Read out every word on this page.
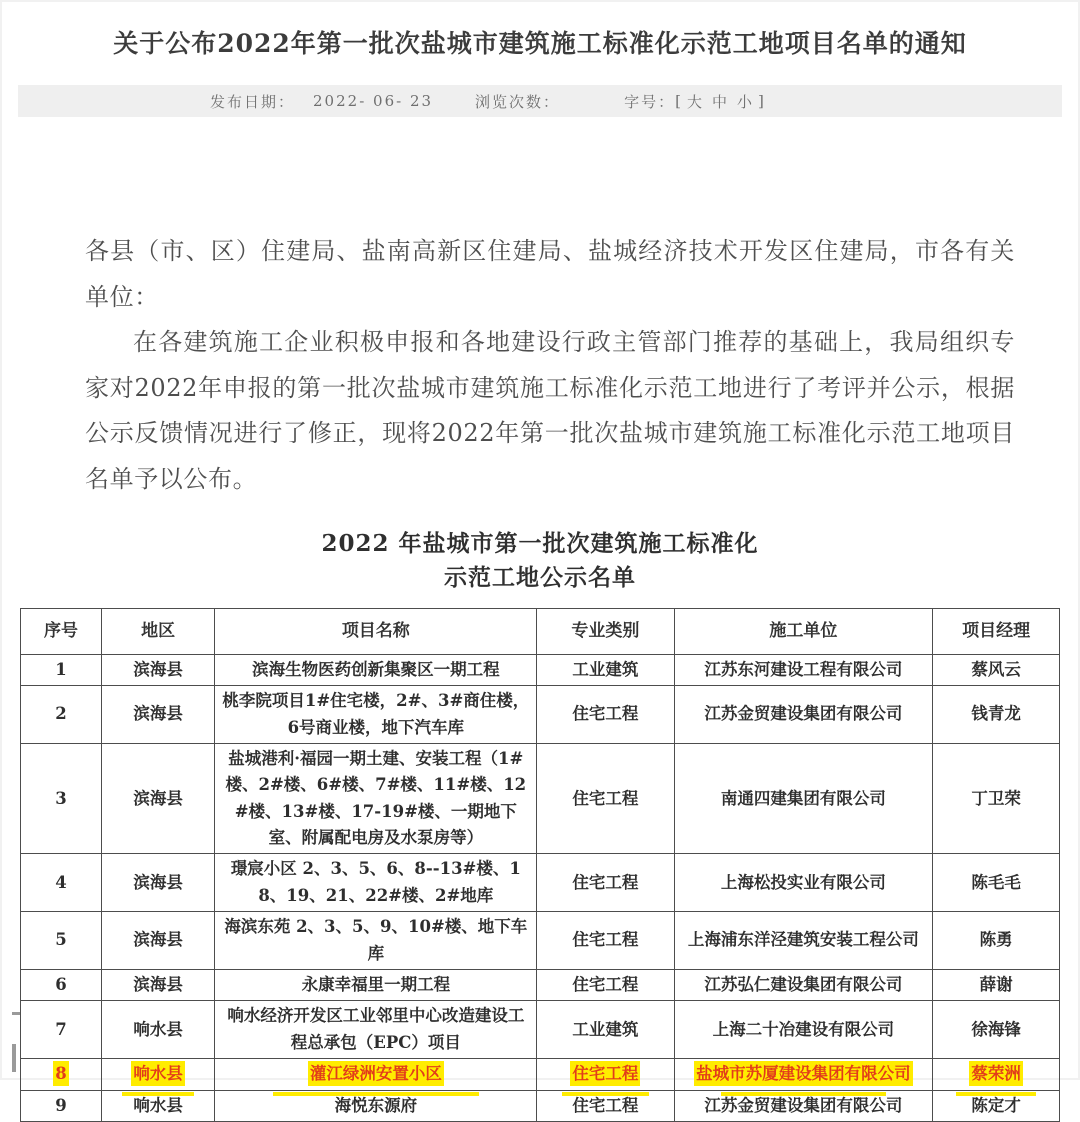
关于公布2022年第一批次盐城市建筑施工标准化示范工地项目名单的通知
发布日期： 2022- 06- 23	浏览次数：	字号： [ 大 中 小 ]

各县（市、区）住建局、盐南高新区住建局、盐城经济技术开发区住建局，市各有关单位：

在各建筑施工企业积极申报和各地建设行政主管部门推荐的基础上，我局组织专家对2022年申报的第一批次盐城市建筑施工标准化示范工地进行了考评并公示，根据公示反馈情况进行了修正，现将2022年第一批次盐城市建筑施工标准化示范工地项目名单予以公布。

2022 年盐城市第一批次建筑施工标准化
示范工地公示名单
序号	地区	项目名称	专业类别	施工单位	项目经理
1	滨海县	滨海生物医药创新集聚区一期工程	工业建筑	江苏东河建设工程有限公司	蔡风云
2	滨海县	桃李院项目1#住宅楼，2#、3#商住楼，6号商业楼，地下汽车库	住宅工程	江苏金贸建设集团有限公司	钱青龙
3	滨海县	盐城港利·福园一期土建、安装工程（1#楼、2#楼、6#楼、7#楼、11#楼、12#楼、13#楼、17-19#楼、一期地下室、附属配电房及水泵房等）	住宅工程	南通四建集团有限公司	丁卫荣
4	滨海县	璟宸小区 2、3、5、6、8--13#楼、18、19、21、22#楼、2#地库	住宅工程	上海松投实业有限公司	陈毛毛
5	滨海县	海滨东苑 2、3、5、9、10#楼、地下车库	住宅工程	上海浦东洋泾建筑安装工程公司	陈勇
6	滨海县	永康幸福里一期工程	住宅工程	江苏弘仁建设集团有限公司	薛谢
7	响水县	响水经济开发区工业邻里中心改造建设工程总承包（EPC）项目	工业建筑	上海二十冶建设有限公司	徐海锋
8	响水县	灌江绿洲安置小区	住宅工程	盐城市苏厦建设集团有限公司	蔡荣洲
9	响水县	海悦东源府	住宅工程	江苏金贸建设集团有限公司	陈定才
